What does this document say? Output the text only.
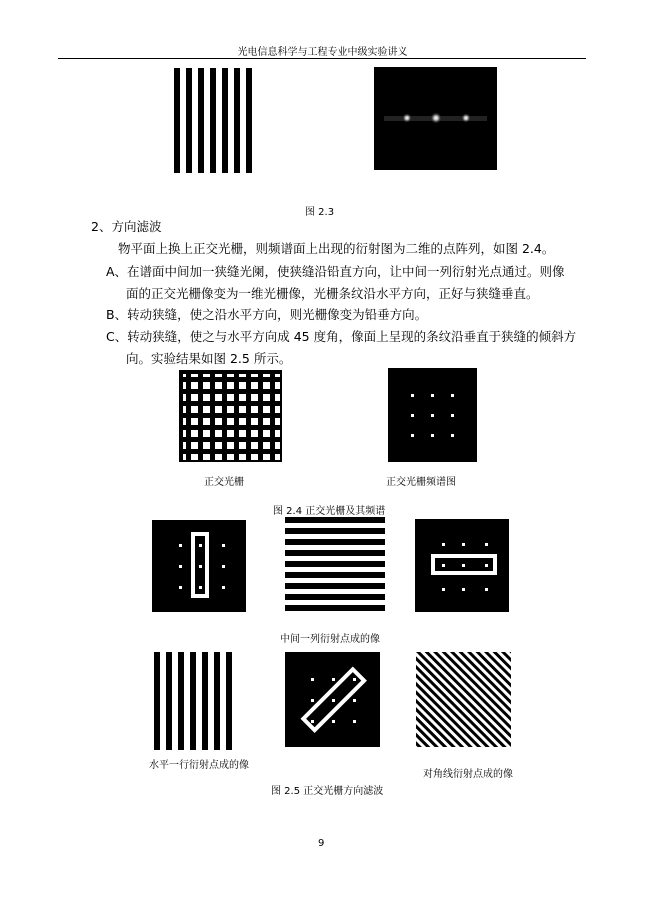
光电信息科学与工程专业中级实验讲义
图 2.3
2、方向滤波
物平面上换上正交光栅，则频谱面上出现的衍射图为二维的点阵列，如图 2.4。
A、在谱面中间加一狭缝光阑，使狭缝沿铅直方向，让中间一列衍射光点通过。则像
面的正交光栅像变为一维光栅像，光栅条纹沿水平方向，正好与狭缝垂直。
B、转动狭缝，使之沿水平方向，则光栅像变为铅垂方向。
C、转动狭缝，使之与水平方向成 45 度角，像面上呈现的条纹沿垂直于狭缝的倾斜方
向。实验结果如图 2.5 所示。
正交光栅	正交光栅频谱图
图 2.4 正交光栅及其频谱
中间一列衍射点成的像
水平一行衍射点成的像
对角线衍射点成的像
图 2.5 正交光栅方向滤波
9
